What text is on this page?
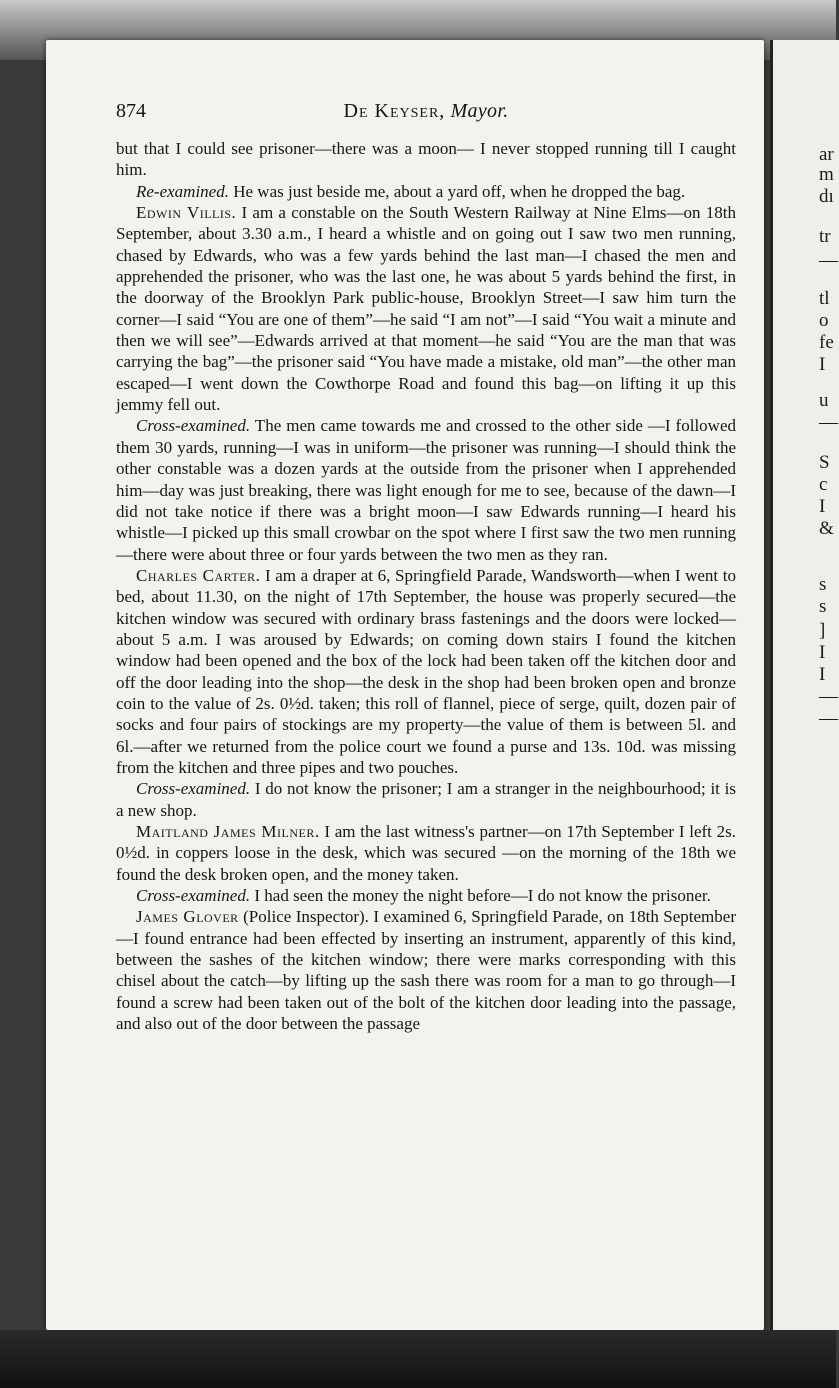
ar
m
dı
tr
—
tl
o
fe
I
u
—
S
c
I
&
s
s
]
I
I
—
—
874	De Keyser, Mayor.

but that I could see prisoner—there was a moon— I never stopped running till I caught him.

Re-examined. He was just beside me, about a yard off, when he dropped the bag.

Edwin Villis. I am a constable on the South Western Railway at Nine Elms—on 18th September, about 3.30 a.m., I heard a whistle and on going out I saw two men running, chased by Edwards, who was a few yards behind the last man—I chased the men and apprehended the prisoner, who was the last one, he was about 5 yards behind the first, in the doorway of the Brooklyn Park public-house, Brooklyn Street—I saw him turn the corner—I said “You are one of them”—he said “I am not”—I said “You wait a minute and then we will see”—Edwards arrived at that moment—he said “You are the man that was carrying the bag”—the prisoner said “You have made a mistake, old man”—the other man escaped—I went down the Cowthorpe Road and found this bag—on lifting it up this jemmy fell out.

Cross-examined. The men came towards me and crossed to the other side —I followed them 30 yards, running—I was in uniform—the prisoner was running—I should think the other constable was a dozen yards at the outside from the prisoner when I apprehended him—day was just breaking, there was light enough for me to see, because of the dawn—I did not take notice if there was a bright moon—I saw Edwards running—I heard his whistle—I picked up this small crowbar on the spot where I first saw the two men running—there were about three or four yards between the two men as they ran.

Charles Carter. I am a draper at 6, Springfield Parade, Wandsworth—when I went to bed, about 11.30, on the night of 17th September, the house was properly secured—the kitchen window was secured with ordinary brass fastenings and the doors were locked—about 5 a.m. I was aroused by Edwards; on coming down stairs I found the kitchen window had been opened and the box of the lock had been taken off the kitchen door and off the door leading into the shop—the desk in the shop had been broken open and bronze coin to the value of 2s. 0½d. taken; this roll of flannel, piece of serge, quilt, dozen pair of socks and four pairs of stockings are my property—the value of them is between 5l. and 6l.—after we returned from the police court we found a purse and 13s. 10d. was missing from the kitchen and three pipes and two pouches.

Cross-examined. I do not know the prisoner; I am a stranger in the neighbourhood; it is a new shop.

Maitland James Milner. I am the last witness's partner—on 17th September I left 2s. 0½d. in coppers loose in the desk, which was secured —on the morning of the 18th we found the desk broken open, and the money taken.

Cross-examined. I had seen the money the night before—I do not know the prisoner.

James Glover (Police Inspector). I examined 6, Springfield Parade, on 18th September—I found entrance had been effected by inserting an instrument, apparently of this kind, between the sashes of the kitchen window; there were marks corresponding with this chisel about the catch—by lifting up the sash there was room for a man to go through—I found a screw had been taken out of the bolt of the kitchen door leading into the passage, and also out of the door between the passage
